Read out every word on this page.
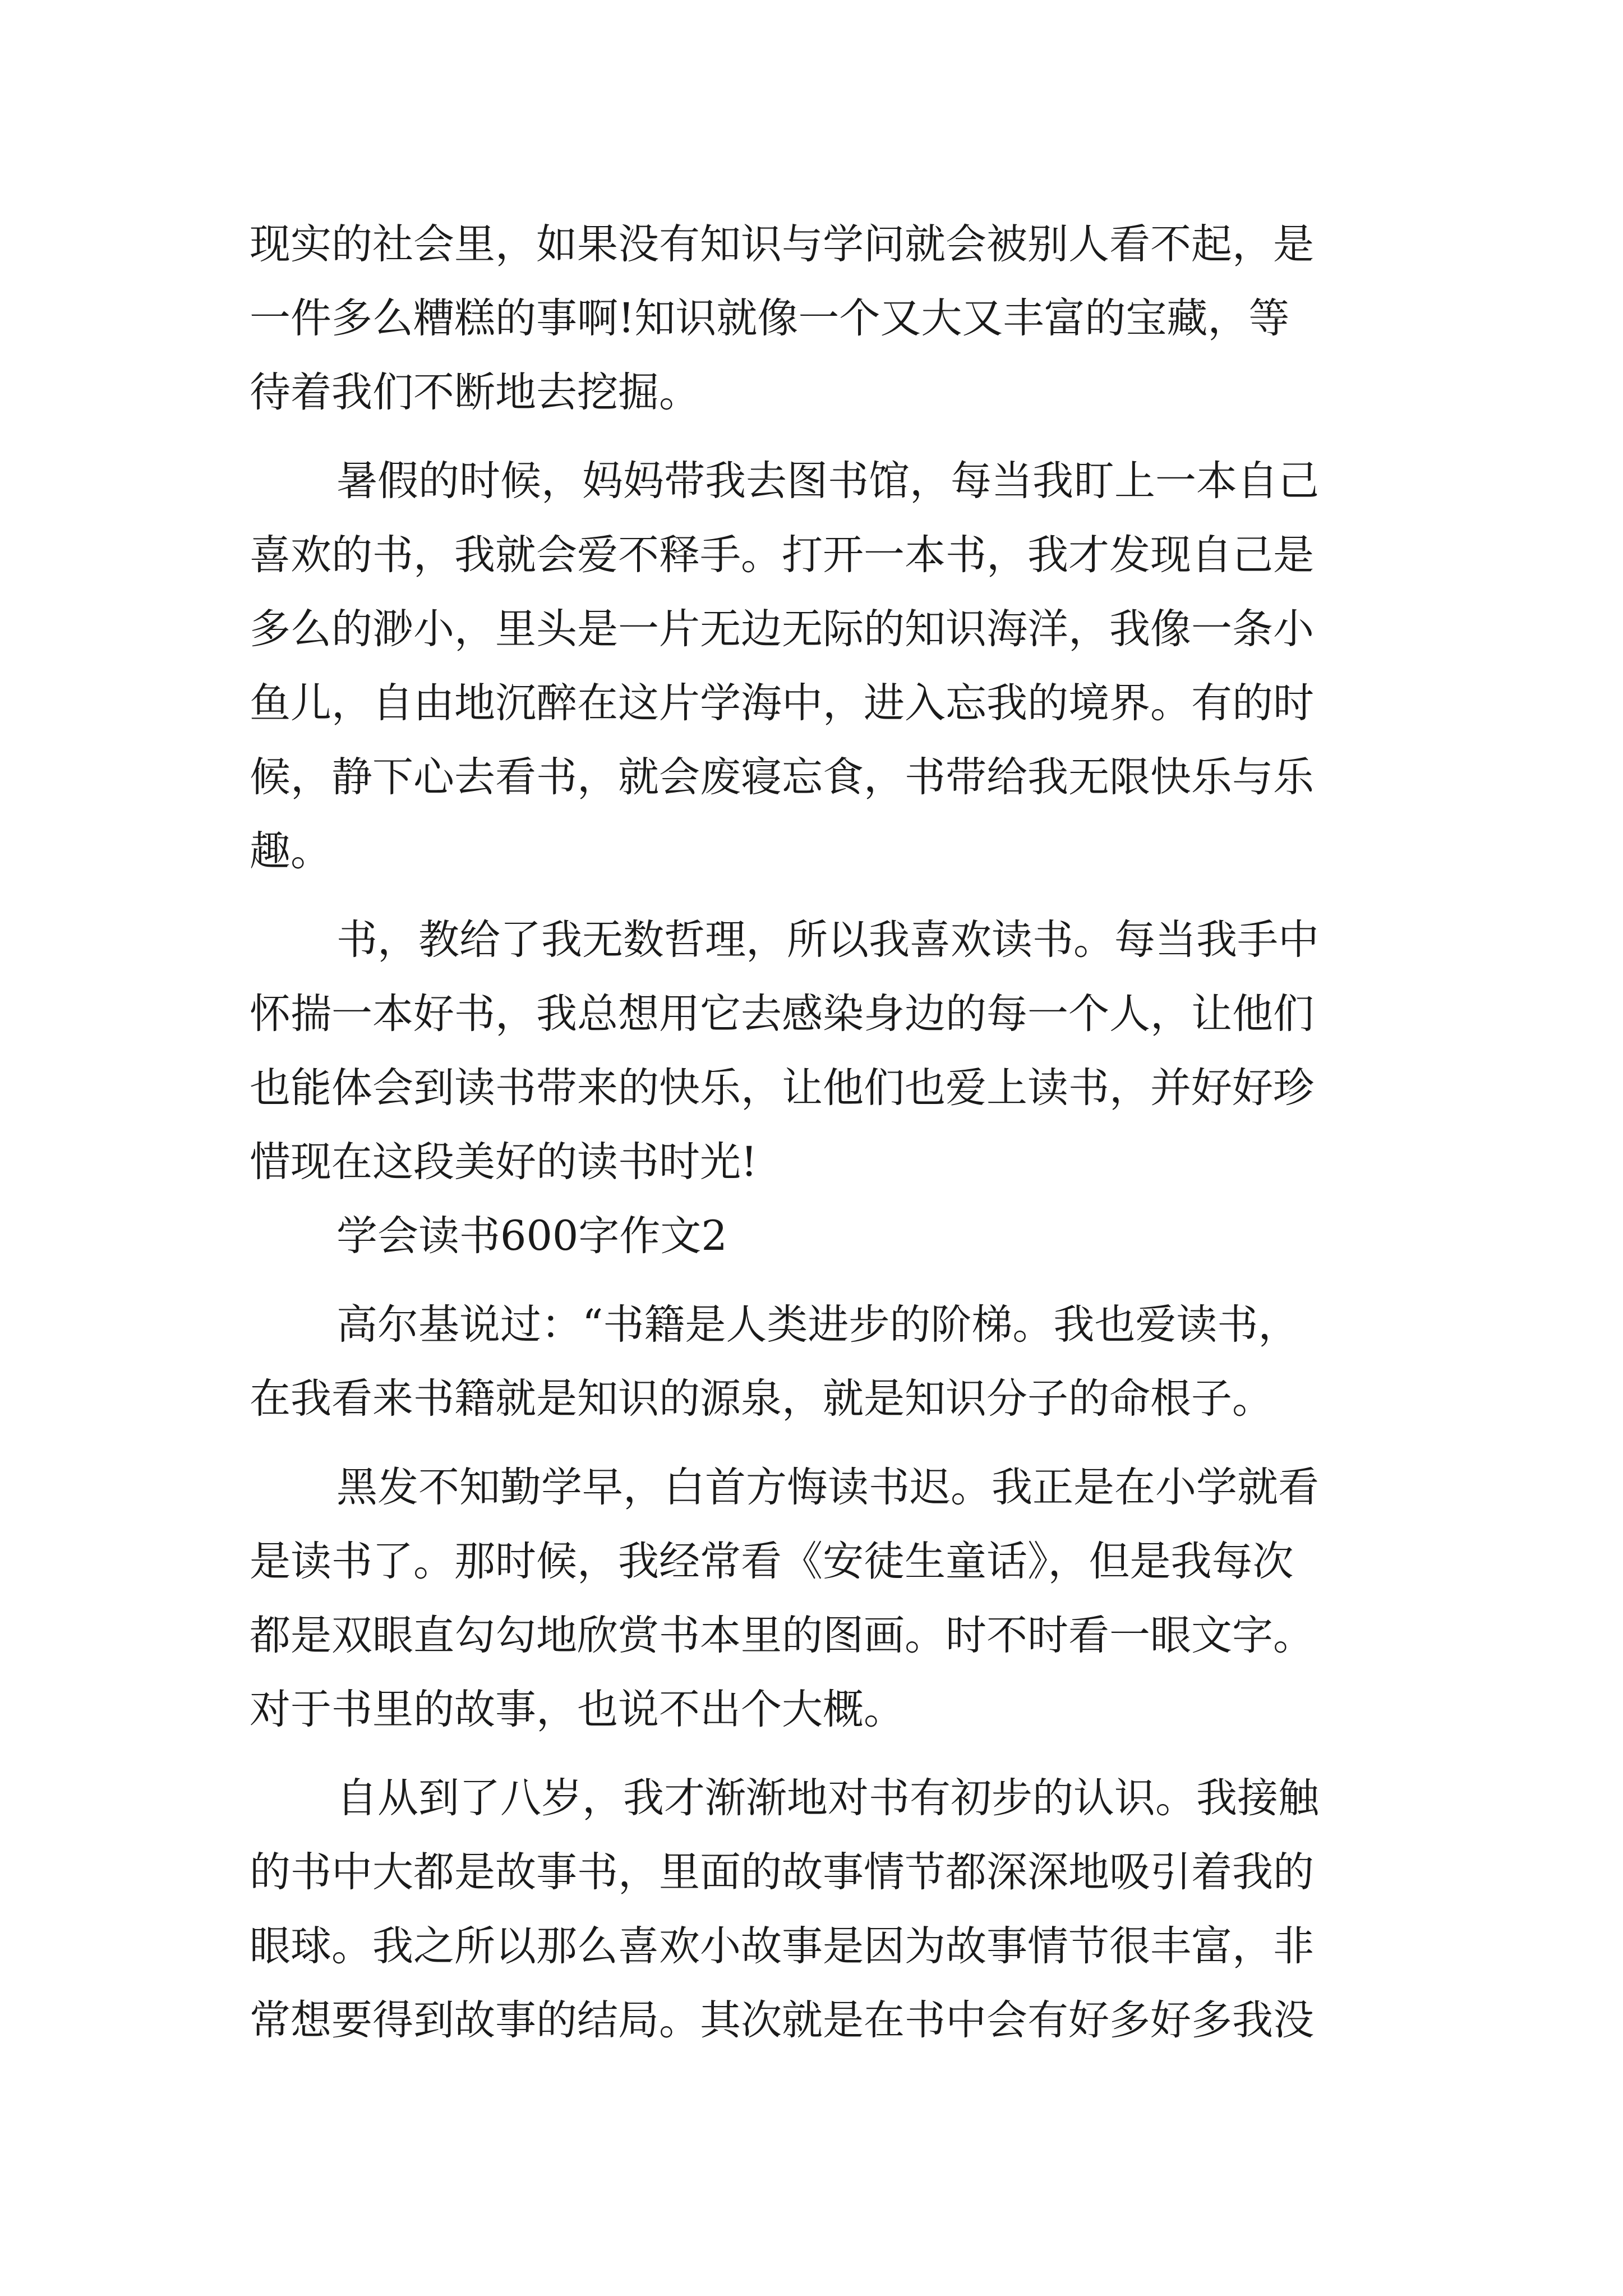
现实的社会里，如果没有知识与学问就会被别人看不起，是
一件多么糟糕的事啊!知识就像一个又大又丰富的宝藏，等
待着我们不断地去挖掘。
暑假的时候，妈妈带我去图书馆，每当我盯上一本自己
喜欢的书，我就会爱不释手。打开一本书，我才发现自己是
多么的渺小，里头是一片无边无际的知识海洋，我像一条小
鱼儿，自由地沉醉在这片学海中，进入忘我的境界。有的时
候，静下心去看书，就会废寝忘食，书带给我无限快乐与乐
趣。
书，教给了我无数哲理，所以我喜欢读书。每当我手中
怀揣一本好书，我总想用它去感染身边的每一个人，让他们
也能体会到读书带来的快乐，让他们也爱上读书，并好好珍
惜现在这段美好的读书时光!
学会读书600字作文2
高尔基说过：“书籍是人类进步的阶梯。我也爱读书，
在我看来书籍就是知识的源泉，就是知识分子的命根子。
黑发不知勤学早，白首方悔读书迟。我正是在小学就看
是读书了。那时候，我经常看《安徒生童话》，但是我每次
都是双眼直勾勾地欣赏书本里的图画。时不时看一眼文字。
对于书里的故事，也说不出个大概。
自从到了八岁，我才渐渐地对书有初步的认识。我接触
的书中大都是故事书，里面的故事情节都深深地吸引着我的
眼球。我之所以那么喜欢小故事是因为故事情节很丰富，非
常想要得到故事的结局。其次就是在书中会有好多好多我没
